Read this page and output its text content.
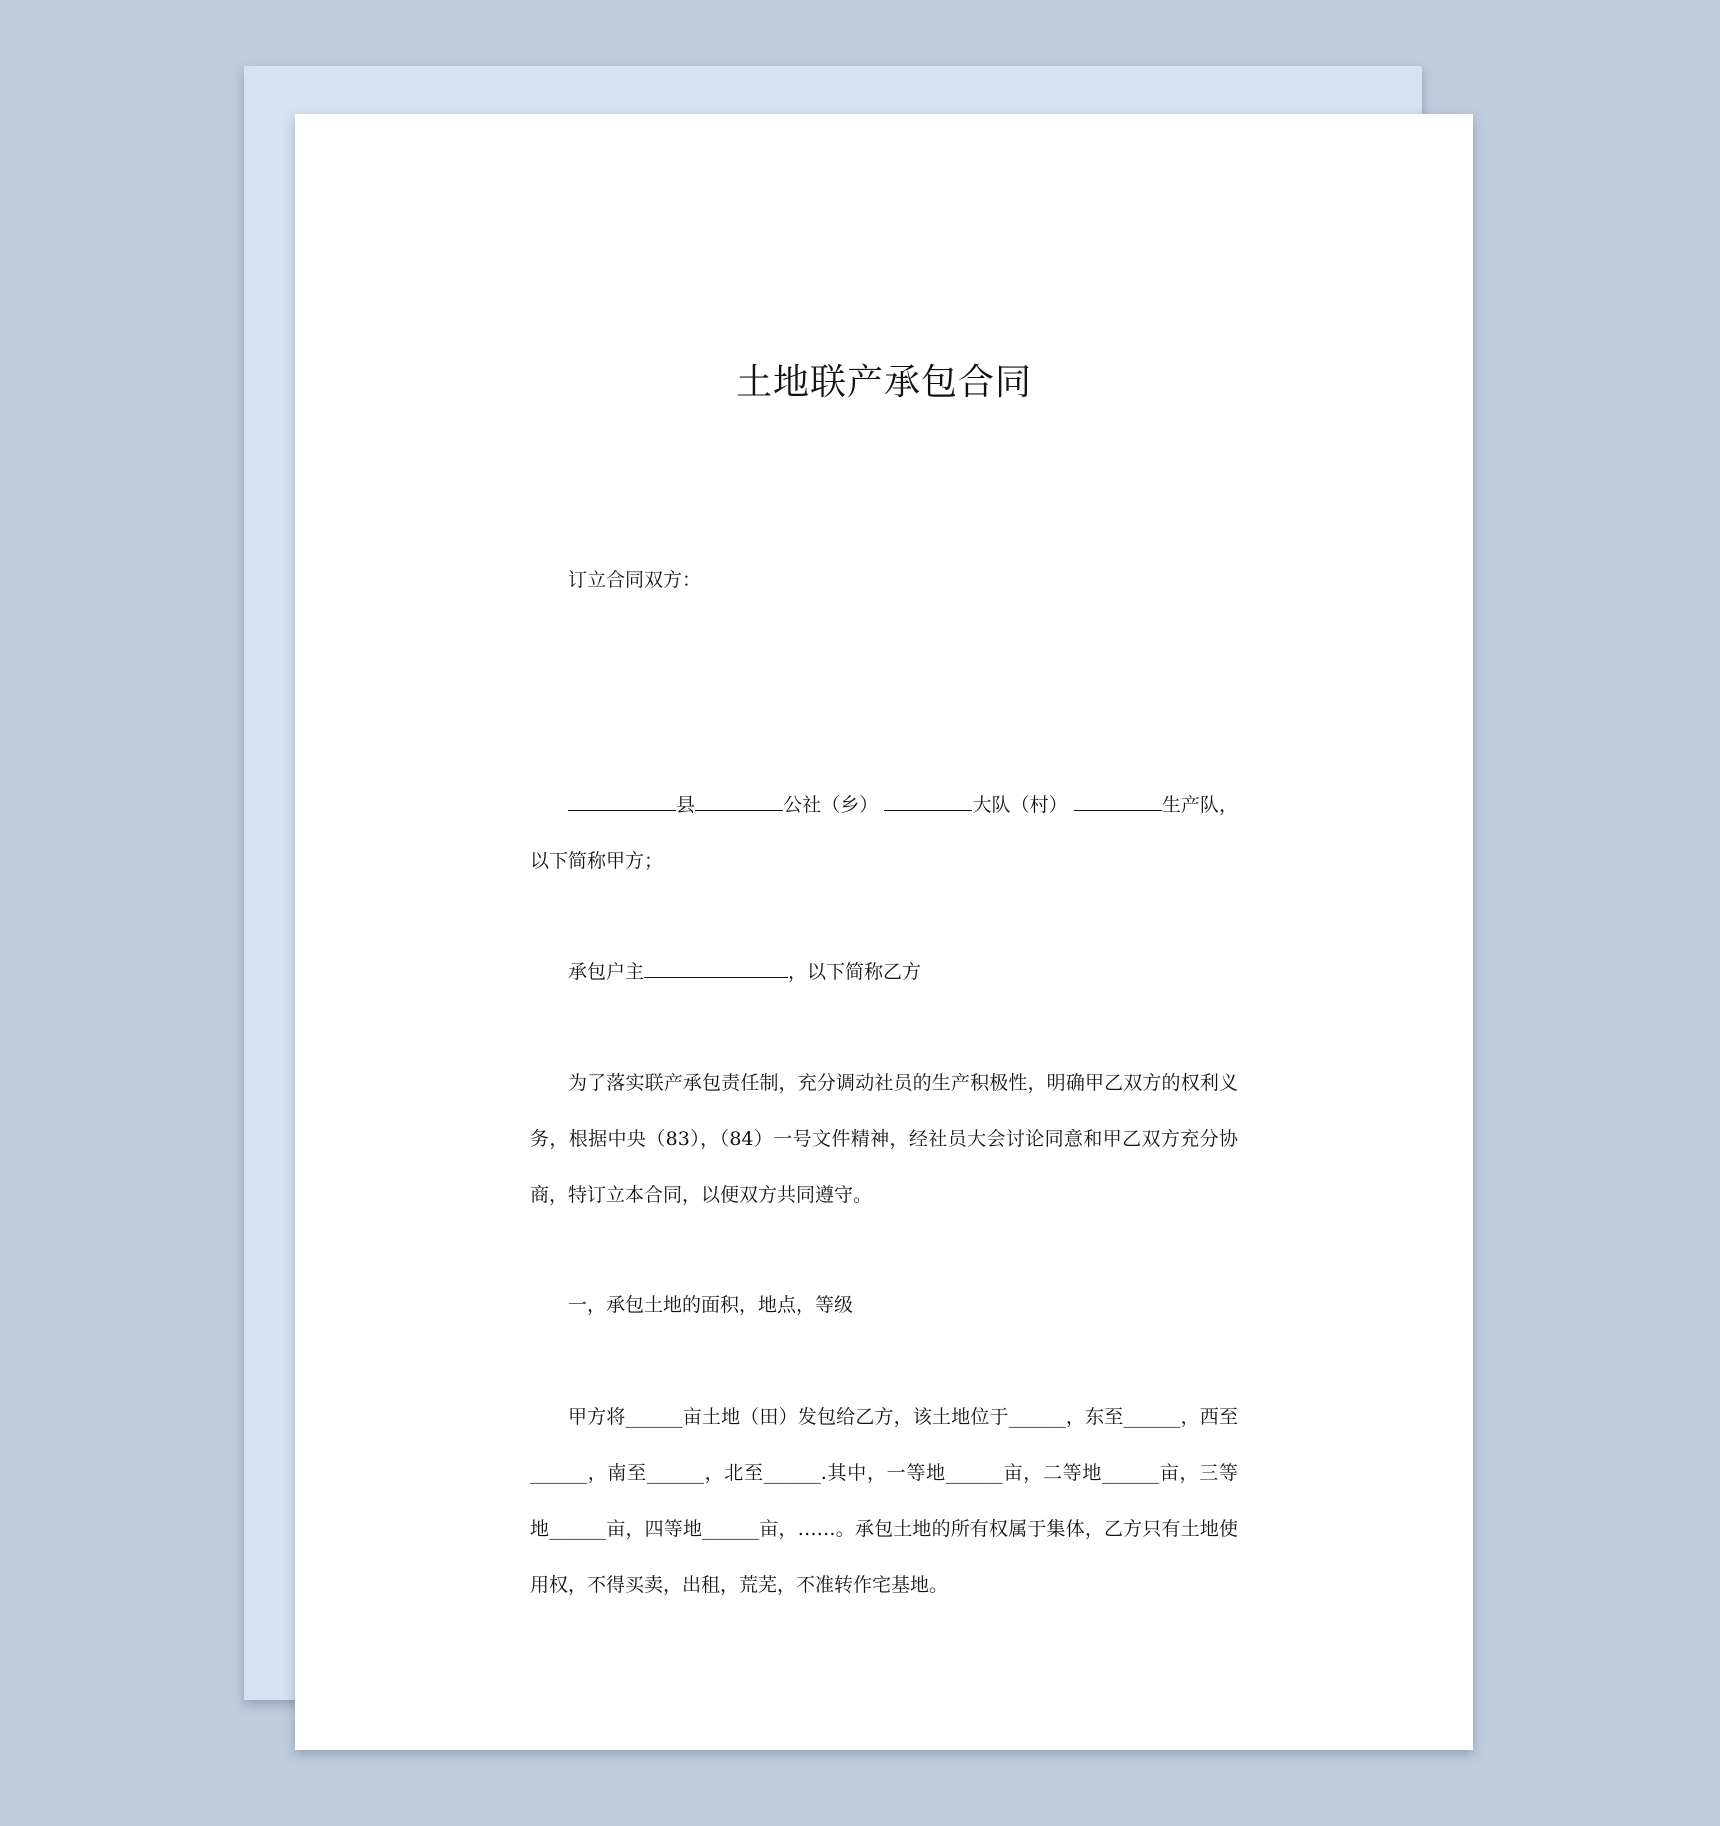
土地联产承包合同

订立合同双方：

县	公社（乡）	大队（村）	生产队，以下简称甲方；

承包户主	，以下简称乙方

为了落实联产承包责任制，充分调动社员的生产积极性，明确甲乙双方的权利义务，根据中央（83），（84）一号文件精神，经社员大会讨论同意和甲乙双方充分协商，特订立本合同，以便双方共同遵守。

一，承包土地的面积，地点，等级

甲方将______亩土地（田）发包给乙方，该土地位于______，东至______，西至______，南至______，北至______.其中，一等地______亩，二等地______亩，三等地______亩，四等地______亩，……。承包土地的所有权属于集体，乙方只有土地使用权，不得买卖，出租，荒芜，不准转作宅基地。
